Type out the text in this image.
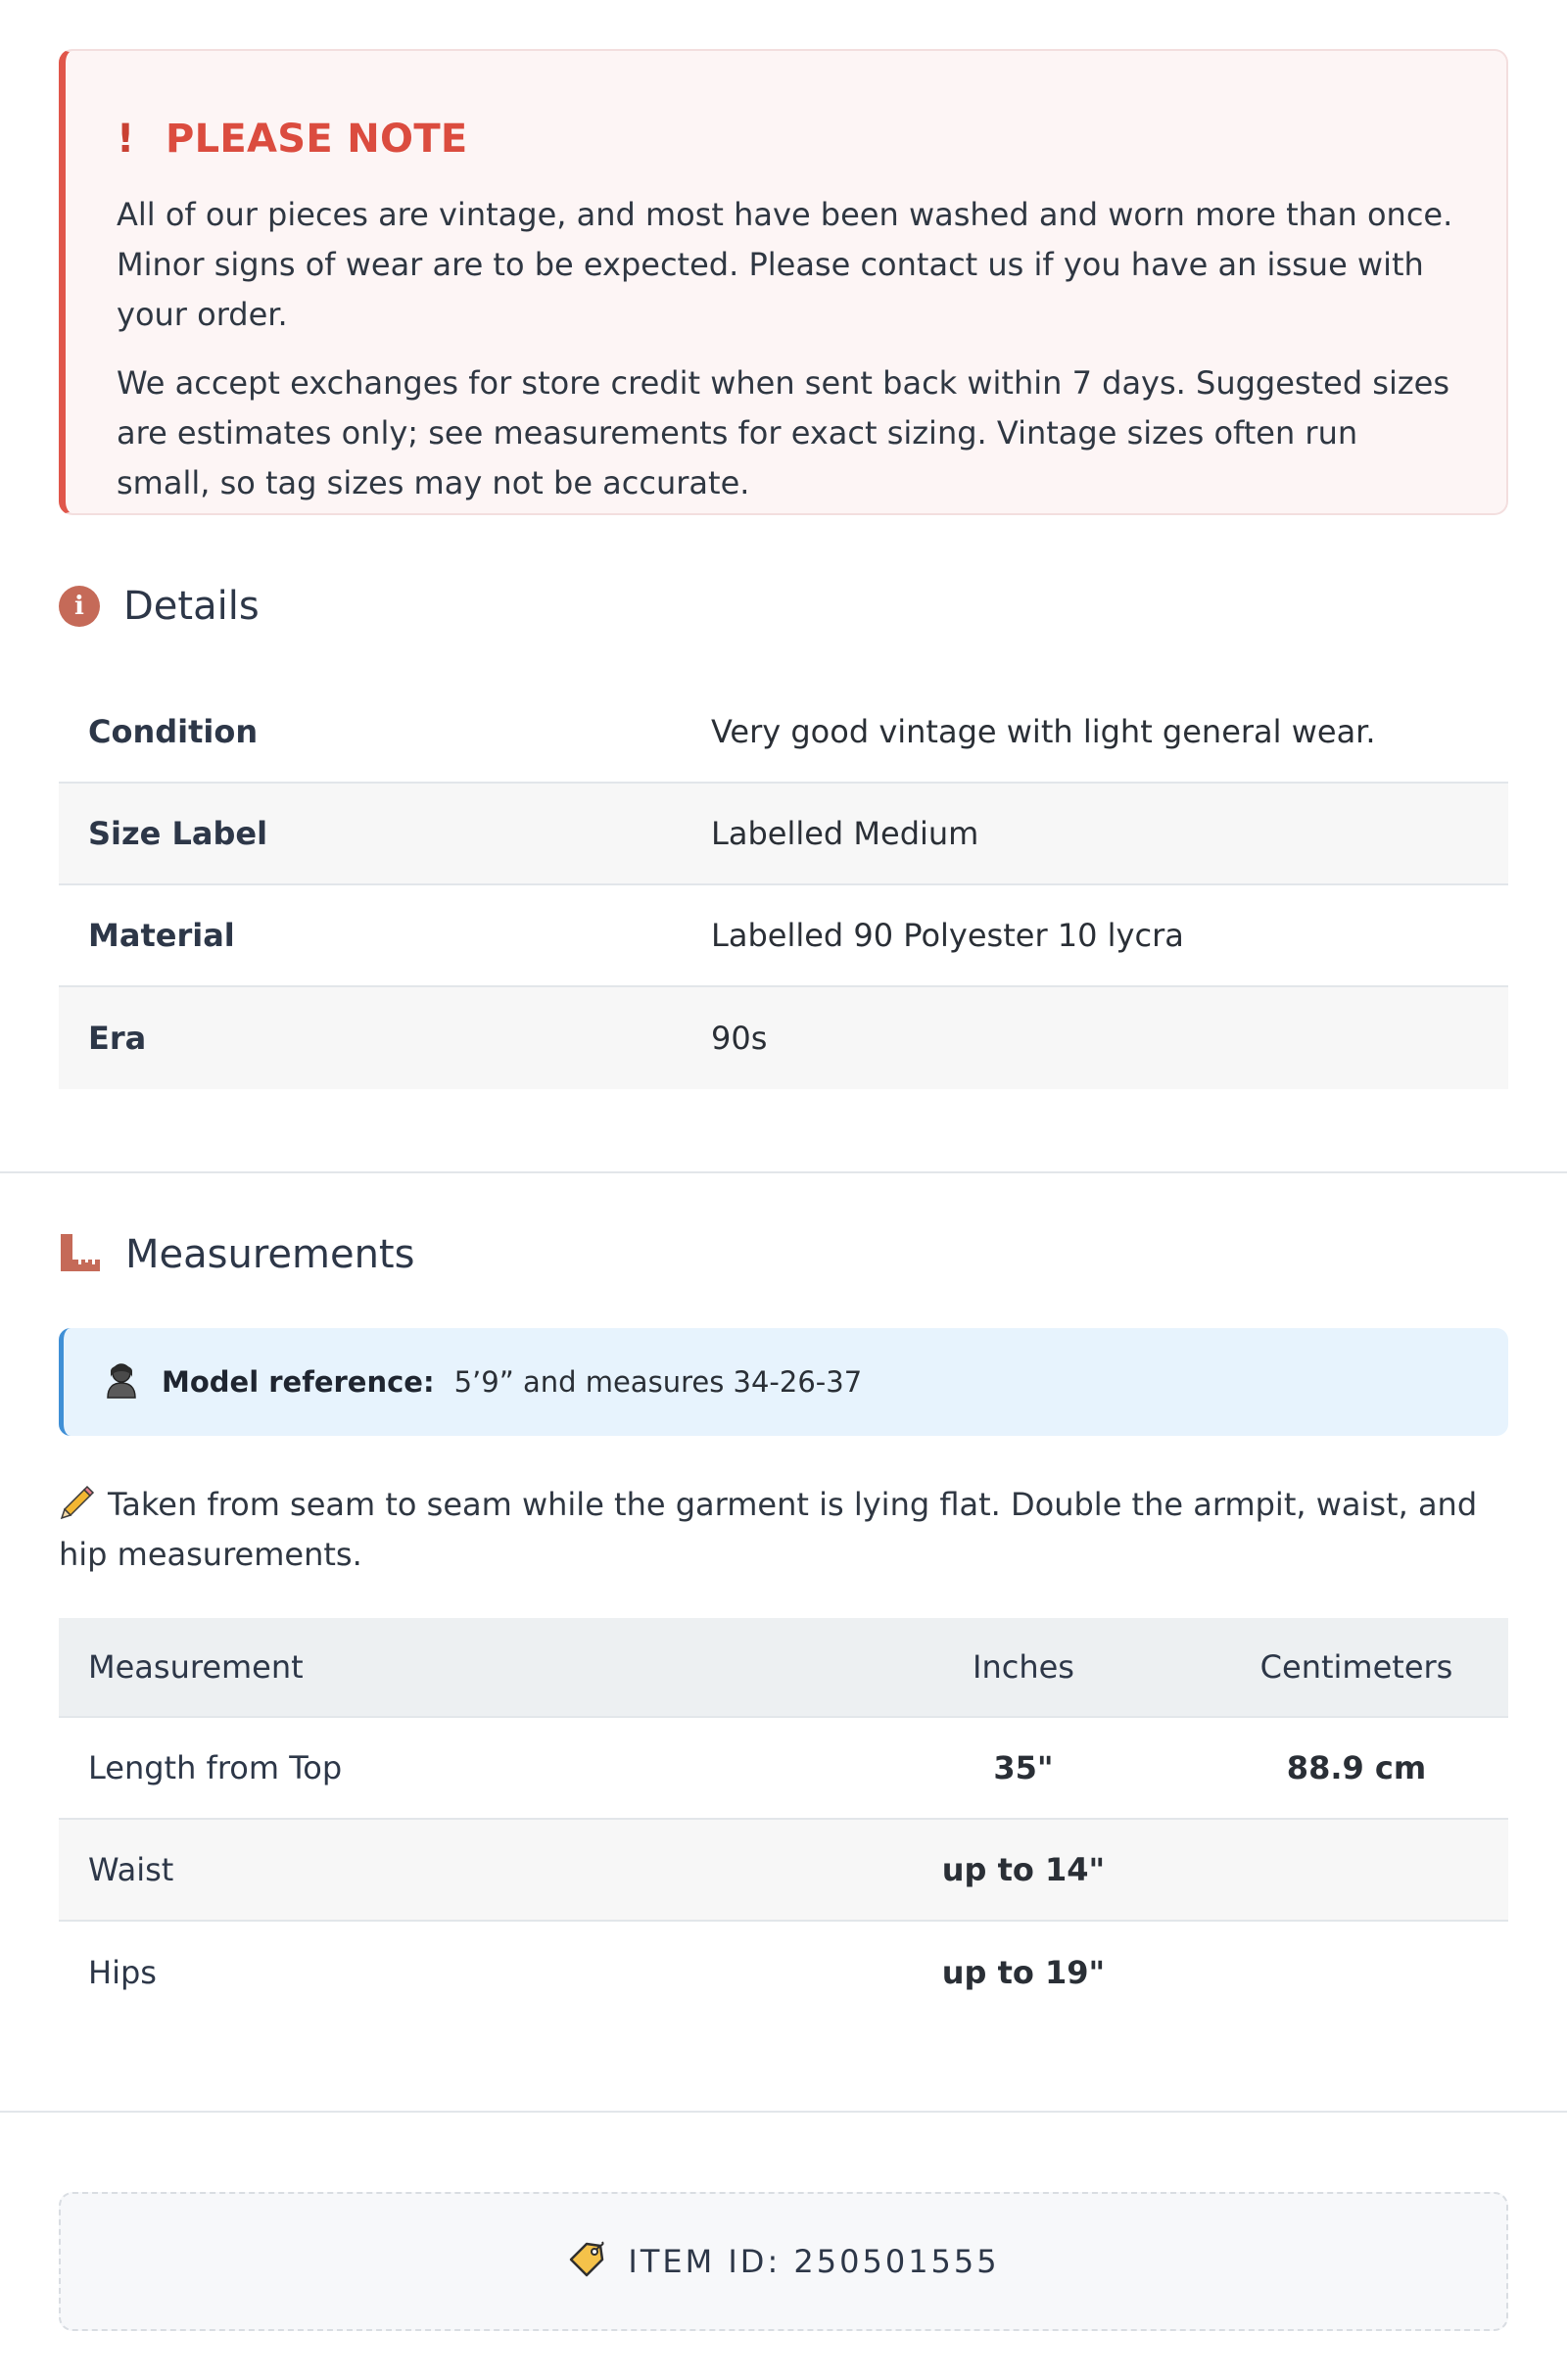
! PLEASE NOTE

All of our pieces are vintage, and most have been washed and worn more than once. Minor signs of wear are to be expected. Please contact us if you have an issue with your order.

We accept exchanges for store credit when sent back within 7 days. Suggested sizes are estimates only; see measurements for exact sizing. Vintage sizes often run small, so tag sizes may not be accurate.

i	Details
Condition	Very good vintage with light general wear.
Size Label	Labelled Medium
Material	Labelled 90 Polyester 10 lycra
Era	90s
Measurements
Model reference: 5’9” and measures 34-26-37
Taken from seam to seam while the garment is lying flat. Double the armpit, waist, and hip measurements.
Measurement	Inches	Centimeters
Length from Top	35"	88.9 cm
Waist	up to 14"
Hips	up to 19"
ITEM ID: 250501555
